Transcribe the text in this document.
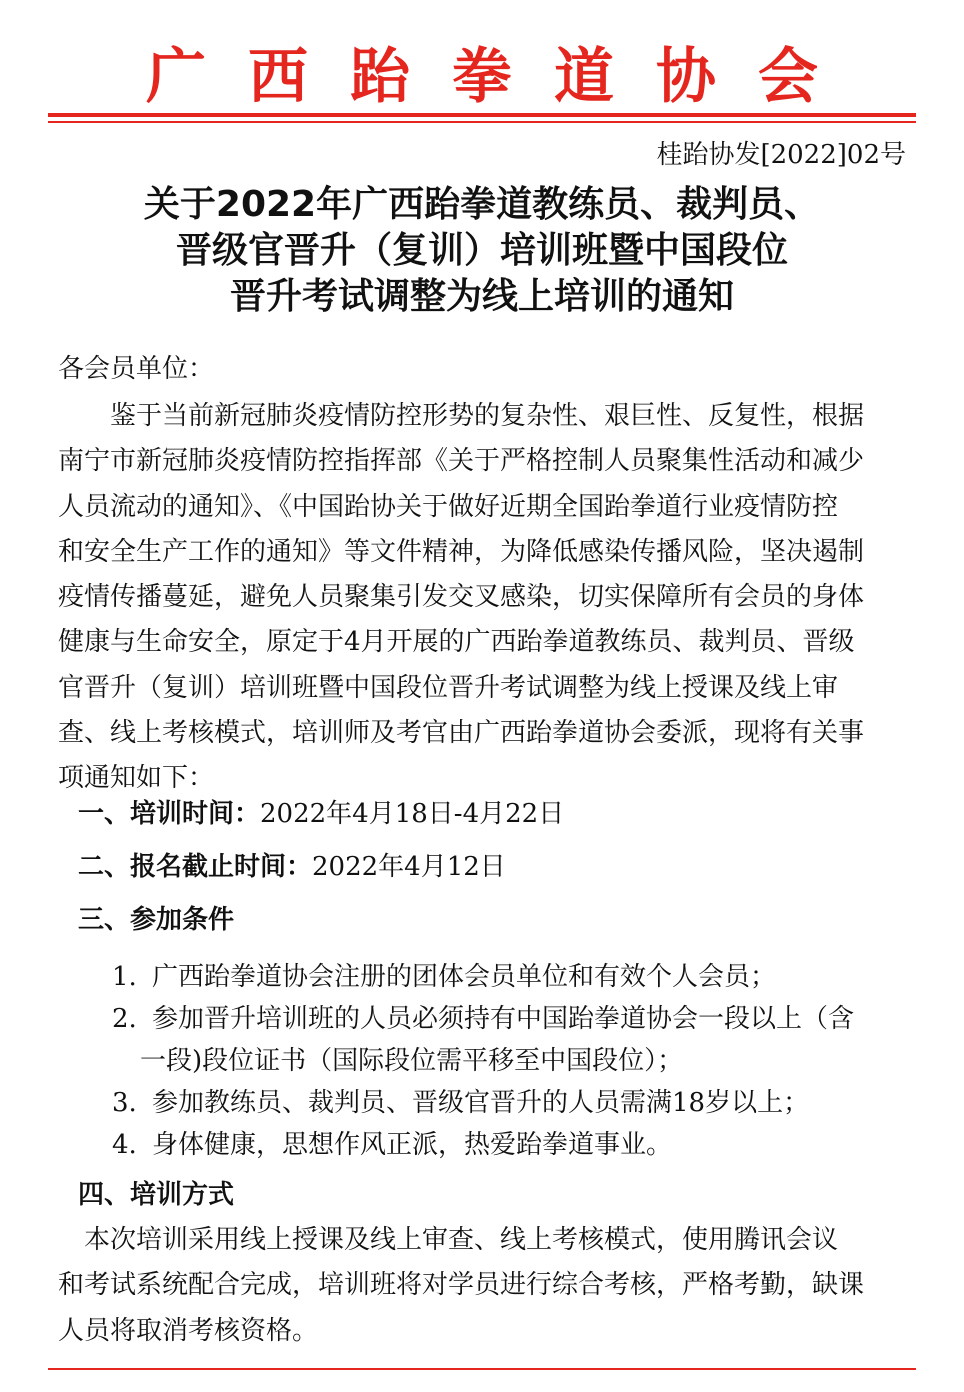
广 西 跆 拳 道 协 会
桂跆协发[2022]02号
关于2022年广西跆拳道教练员、裁判员、
晋级官晋升（复训）培训班暨中国段位
晋升考试调整为线上培训的通知
各会员单位：
　　鉴于当前新冠肺炎疫情防控形势的复杂性、艰巨性、反复性，根据
南宁市新冠肺炎疫情防控指挥部《关于严格控制人员聚集性活动和减少
人员流动的通知》、《中国跆协关于做好近期全国跆拳道行业疫情防控
和安全生产工作的通知》等文件精神，为降低感染传播风险，坚决遏制
疫情传播蔓延，避免人员聚集引发交叉感染，切实保障所有会员的身体
健康与生命安全，原定于4月开展的广西跆拳道教练员、裁判员、晋级
官晋升（复训）培训班暨中国段位晋升考试调整为线上授课及线上审
查、线上考核模式，培训师及考官由广西跆拳道协会委派，现将有关事
项通知如下：
一、培训时间：2022年4月18日-4月22日
二、报名截止时间：2022年4月12日
三、参加条件
1. 广西跆拳道协会注册的团体会员单位和有效个人会员；
2. 参加晋升培训班的人员必须持有中国跆拳道协会一段以上（含
一段)段位证书（国际段位需平移至中国段位）；
3. 参加教练员、裁判员、晋级官晋升的人员需满18岁以上；
4. 身体健康，思想作风正派，热爱跆拳道事业。
四、培训方式
　本次培训采用线上授课及线上审查、线上考核模式，使用腾讯会议
和考试系统配合完成，培训班将对学员进行综合考核，严格考勤，缺课
人员将取消考核资格。
